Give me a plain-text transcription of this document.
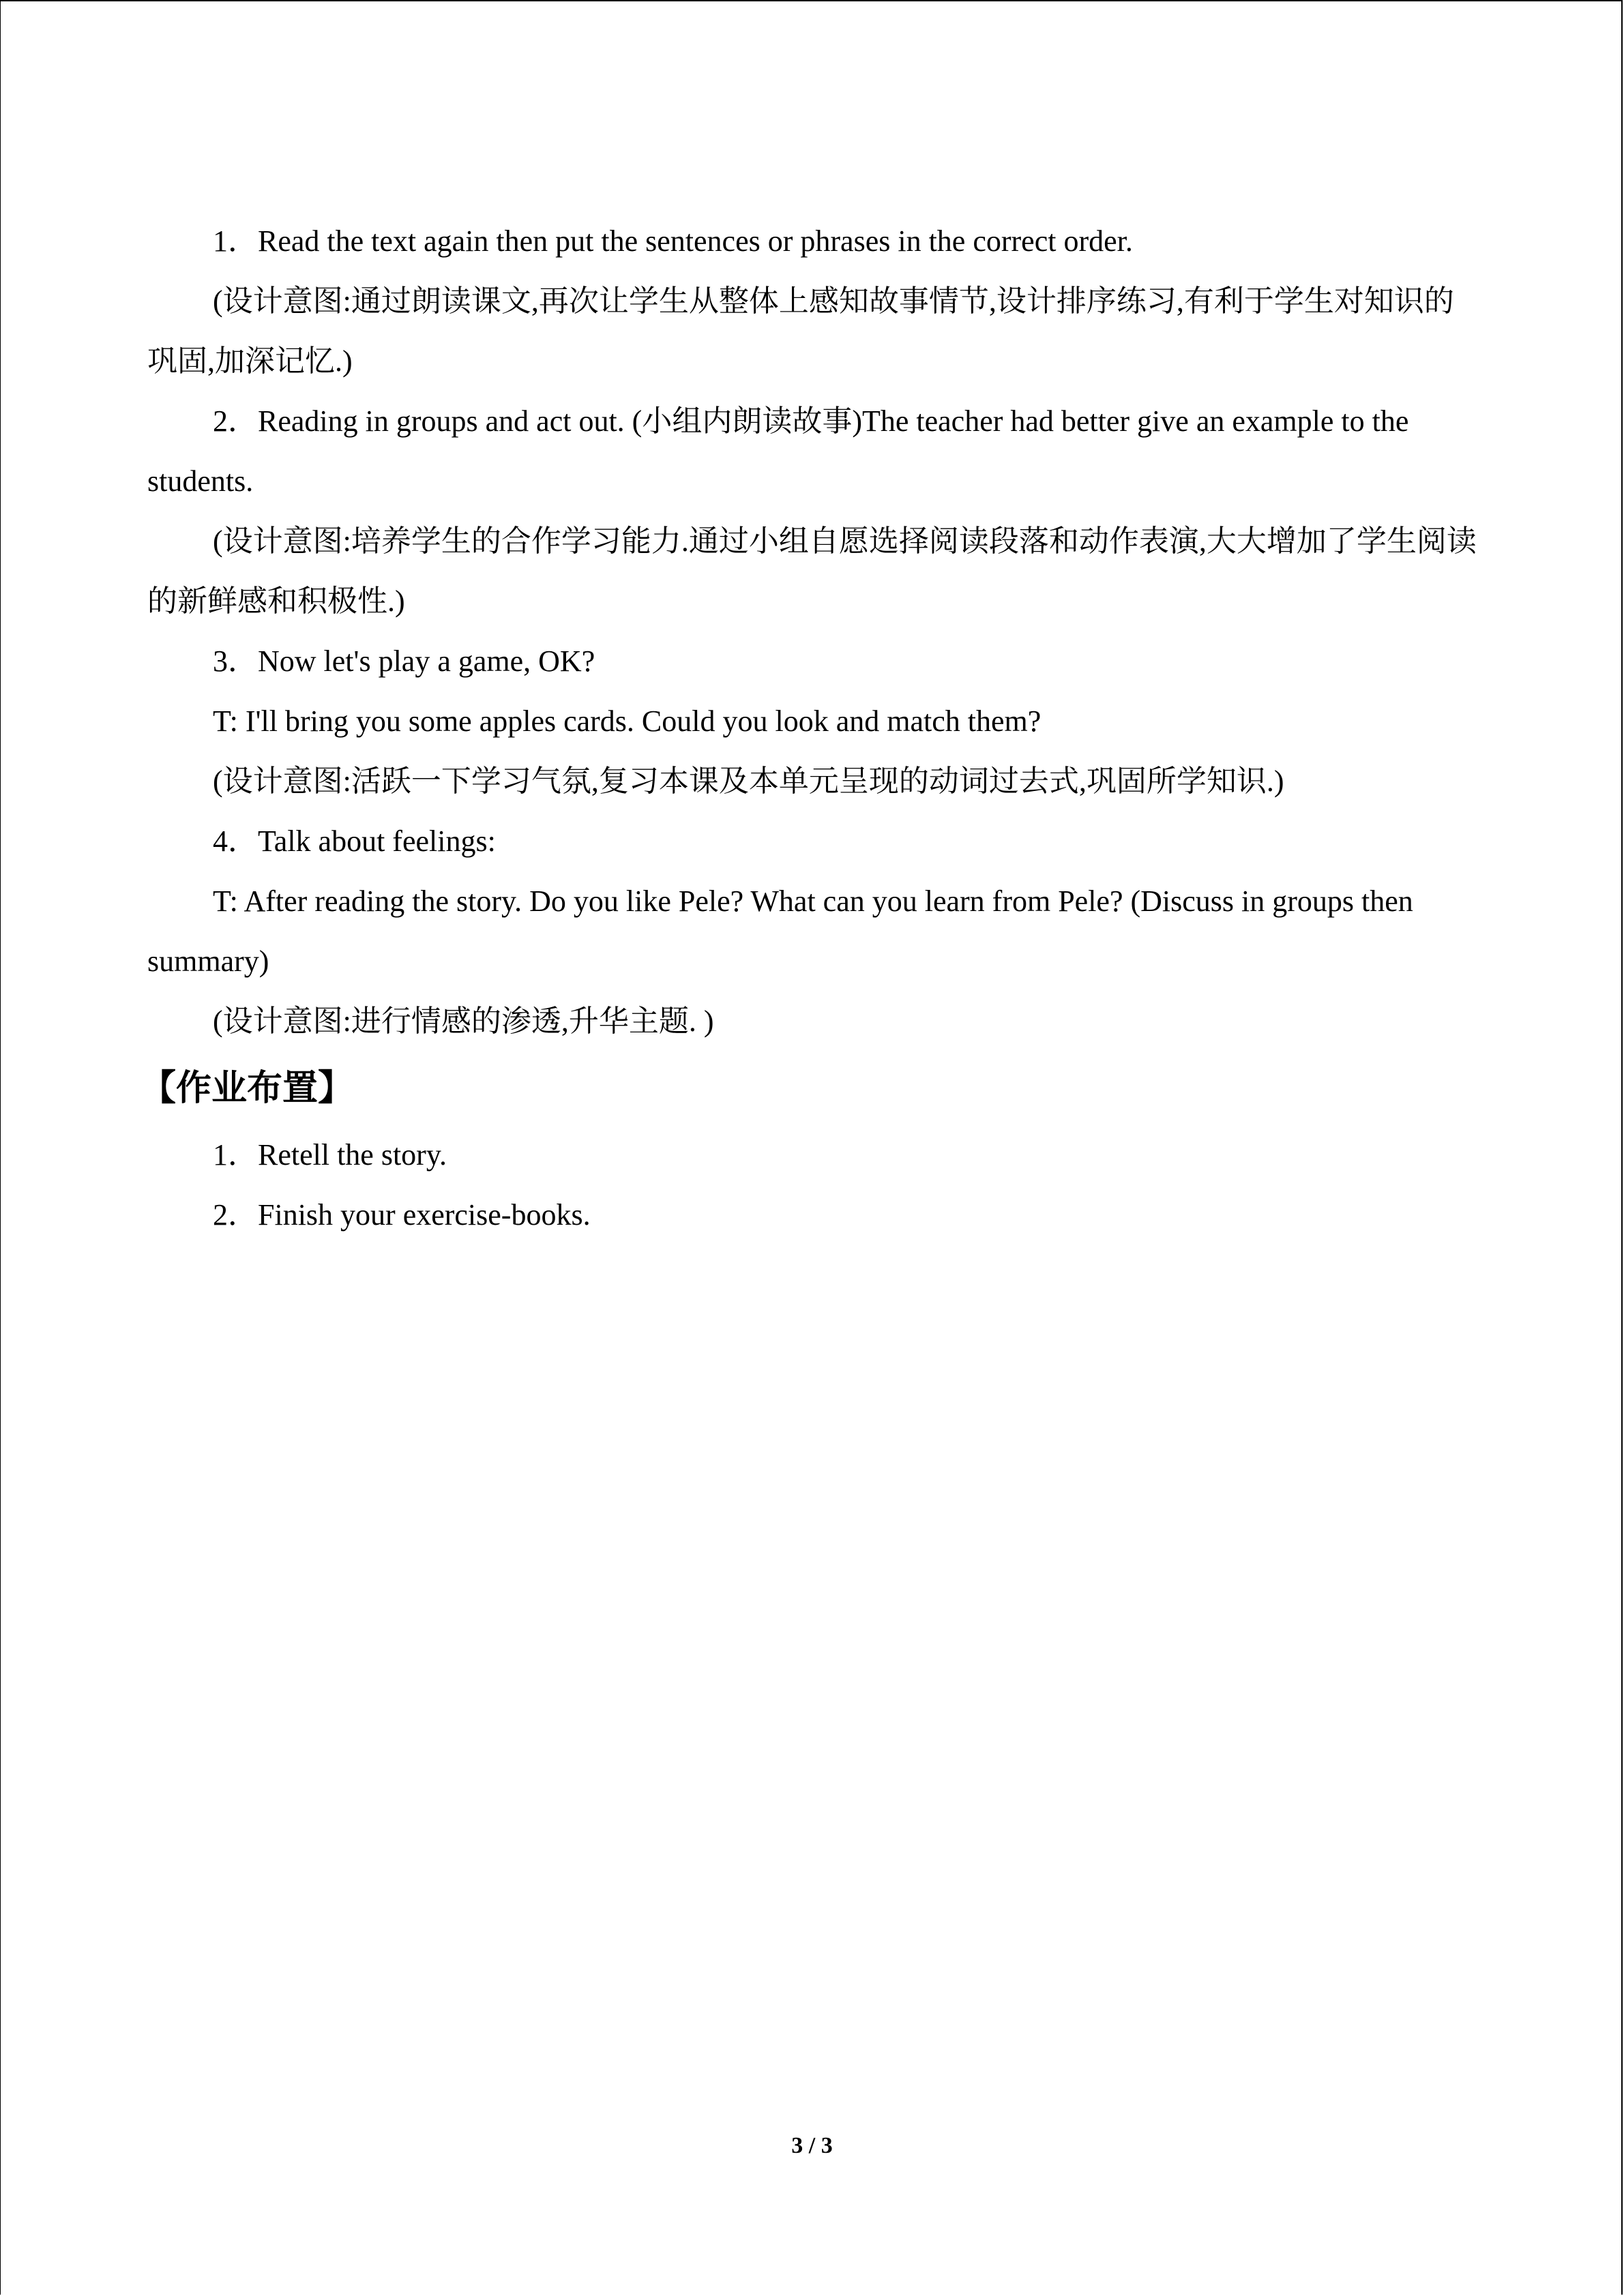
1．Read the text again then put the sentences or phrases in the correct order.

(设计意图:通过朗读课文,再次让学生从整体上感知故事情节,设计排序练习,有利于学生对知识的巩固,加深记忆.)

2．Reading in groups and act out. (小组内朗读故事)The teacher had better give an example to the students.

(设计意图:培养学生的合作学习能力.通过小组自愿选择阅读段落和动作表演,大大增加了学生阅读的新鲜感和积极性.)

3．Now let's play a game, OK?

T: I'll bring you some apples cards. Could you look and match them?

(设计意图:活跃一下学习气氛,复习本课及本单元呈现的动词过去式,巩固所学知识.)

4．Talk about feelings:

T: After reading the story. Do you like Pele? What can you learn from Pele? (Discuss in groups then summary)

(设计意图:进行情感的渗透,升华主题. )

【作业布置】

1．Retell the story.

2．Finish your exercise-books.

3 / 3
